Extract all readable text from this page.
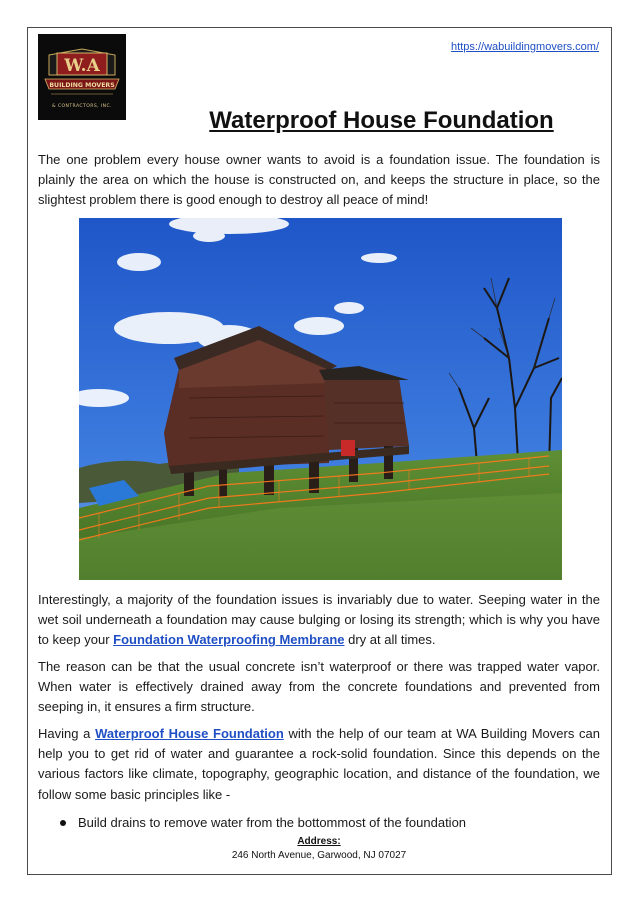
W.A
BUILDING MOVERS
& CONTRACTORS, INC.
https://wabuildingmovers.com/
Waterproof House Foundation

The one problem every house owner wants to avoid is a foundation issue. The foundation is plainly the area on which the house is constructed on, and keeps the structure in place, so the slightest problem there is good enough to destroy all peace of mind!

Interestingly, a majority of the foundation issues is invariably due to water. Seeping water in the wet soil underneath a foundation may cause bulging or losing its strength; which is why you have to keep your Foundation Waterproofing Membrane dry at all times.

The reason can be that the usual concrete isn’t waterproof or there was trapped water vapor. When water is effectively drained away from the concrete foundations and prevented from seeping in, it ensures a firm structure.

Having a Waterproof House Foundation with the help of our team at WA Building Movers can help you to get rid of water and guarantee a rock-solid foundation. Since this depends on the various factors like climate, topography, geographic location, and distance of the foundation, we follow some basic principles like -

Build drains to remove water from the bottommost of the foundation
Address:
246 North Avenue, Garwood, NJ 07027
